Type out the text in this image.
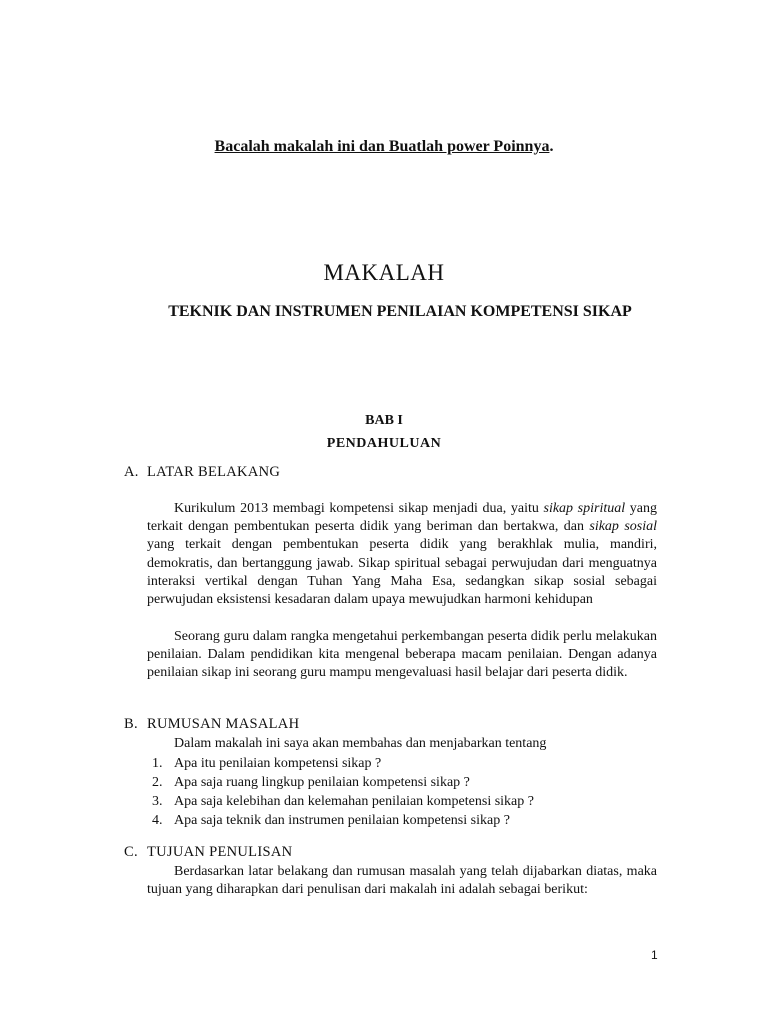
Bacalah makalah ini dan Buatlah power Poinnya.
MAKALAH
TEKNIK DAN INSTRUMEN PENILAIAN KOMPETENSI SIKAP
BAB I
PENDAHULUAN
A. LATAR BELAKANG
Kurikulum 2013 membagi kompetensi sikap menjadi dua, yaitu sikap spiritual yang terkait dengan pembentukan peserta didik yang beriman dan bertakwa, dan sikap sosial yang terkait dengan pembentukan peserta didik yang berakhlak mulia, mandiri, demokratis, dan bertanggung jawab. Sikap spiritual sebagai perwujudan dari menguatnya interaksi vertikal dengan Tuhan Yang Maha Esa, sedangkan sikap sosial sebagai perwujudan eksistensi kesadaran dalam upaya mewujudkan harmoni kehidupan
Seorang guru dalam rangka mengetahui perkembangan peserta didik perlu melakukan penilaian. Dalam pendidikan kita mengenal beberapa macam penilaian. Dengan adanya penilaian sikap ini seorang guru mampu mengevaluasi hasil belajar dari peserta didik.
B. RUMUSAN MASALAH
Dalam makalah ini saya akan membahas dan menjabarkan tentang
1. Apa itu penilaian kompetensi sikap ?
2. Apa saja ruang lingkup penilaian kompetensi sikap ?
3. Apa saja kelebihan dan kelemahan penilaian kompetensi sikap ?
4. Apa saja teknik dan instrumen penilaian kompetensi sikap ?
C. TUJUAN PENULISAN
Berdasarkan latar belakang dan rumusan masalah yang telah dijabarkan diatas, maka tujuan yang diharapkan dari penulisan dari makalah ini adalah sebagai berikut:
1
